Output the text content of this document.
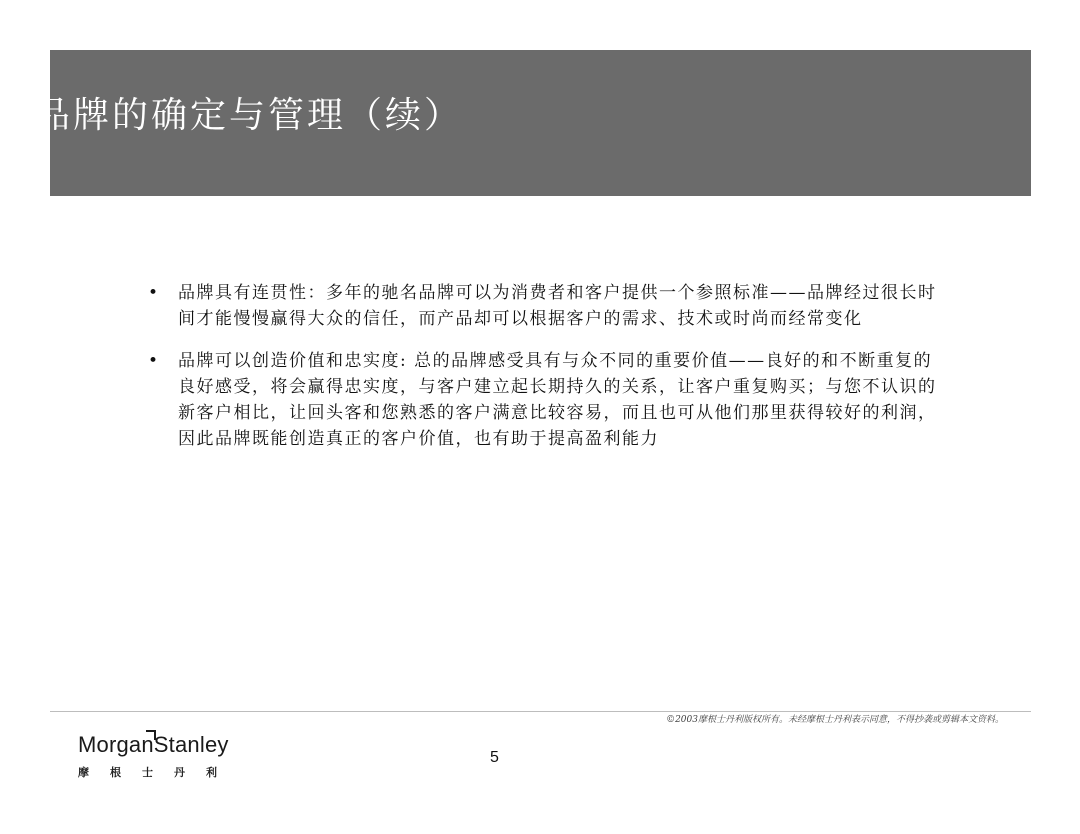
品牌的确定与管理（续）
• 品牌具有连贯性：多年的驰名品牌可以为消费者和客户提供一个参照标准——品牌经过很长时间才能慢慢赢得大众的信任，而产品却可以根据客户的需求、技术或时尚而经常变化
• 品牌可以创造价值和忠实度: 总的品牌感受具有与众不同的重要价值——良好的和不断重复的良好感受，将会赢得忠实度，与客户建立起长期持久的关系，让客户重复购买；与您不认识的新客户相比，让回头客和您熟悉的客户满意比较容易，而且也可从他们那里获得较好的利润，因此品牌既能创造真正的客户价值，也有助于提高盈利能力
©2003摩根士丹利版权所有。未经摩根士丹利表示同意，不得抄袭或剪辑本文资料。
MorganStanley
摩根士丹利
5
